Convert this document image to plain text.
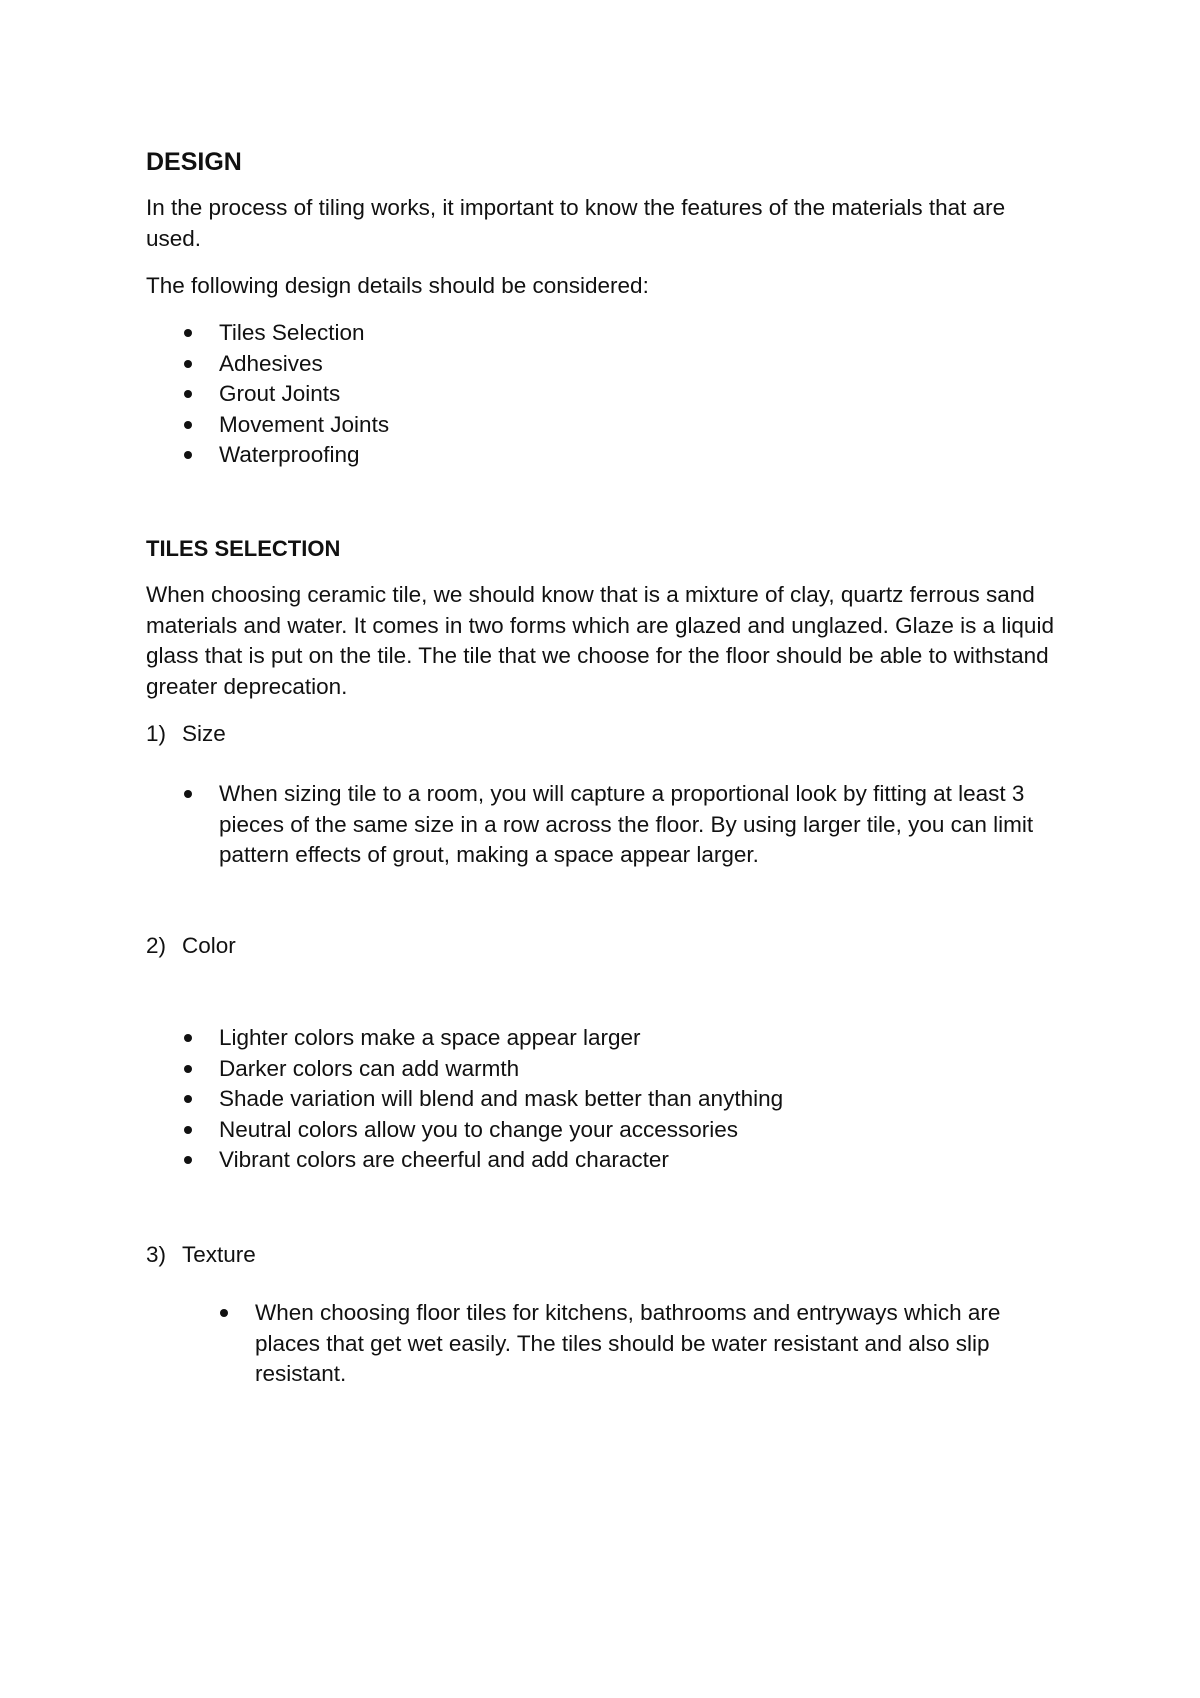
DESIGN

In the process of tiling works, it important to know the features of the materials that are used.

The following design details should be considered:

Tiles Selection
Adhesives
Grout Joints
Movement Joints
Waterproofing
TILES SELECTION

When choosing ceramic tile, we should know that is a mixture of clay, quartz ferrous sand materials and water. It comes in two forms which are glazed and unglazed. Glaze is a liquid glass that is put on the tile. The tile that we choose for the floor should be able to withstand greater deprecation.

1) Size

When sizing tile to a room, you will capture a proportional look by fitting at least 3 pieces of the same size in a row across the floor. By using larger tile, you can limit pattern effects of grout, making a space appear larger.

2) Color

Lighter colors make a space appear larger
Darker colors can add warmth
Shade variation will blend and mask better than anything
Neutral colors allow you to change your accessories
Vibrant colors are cheerful and add character

3) Texture

When choosing floor tiles for kitchens, bathrooms and entryways which are places that get wet easily. The tiles should be water resistant and also slip resistant.
